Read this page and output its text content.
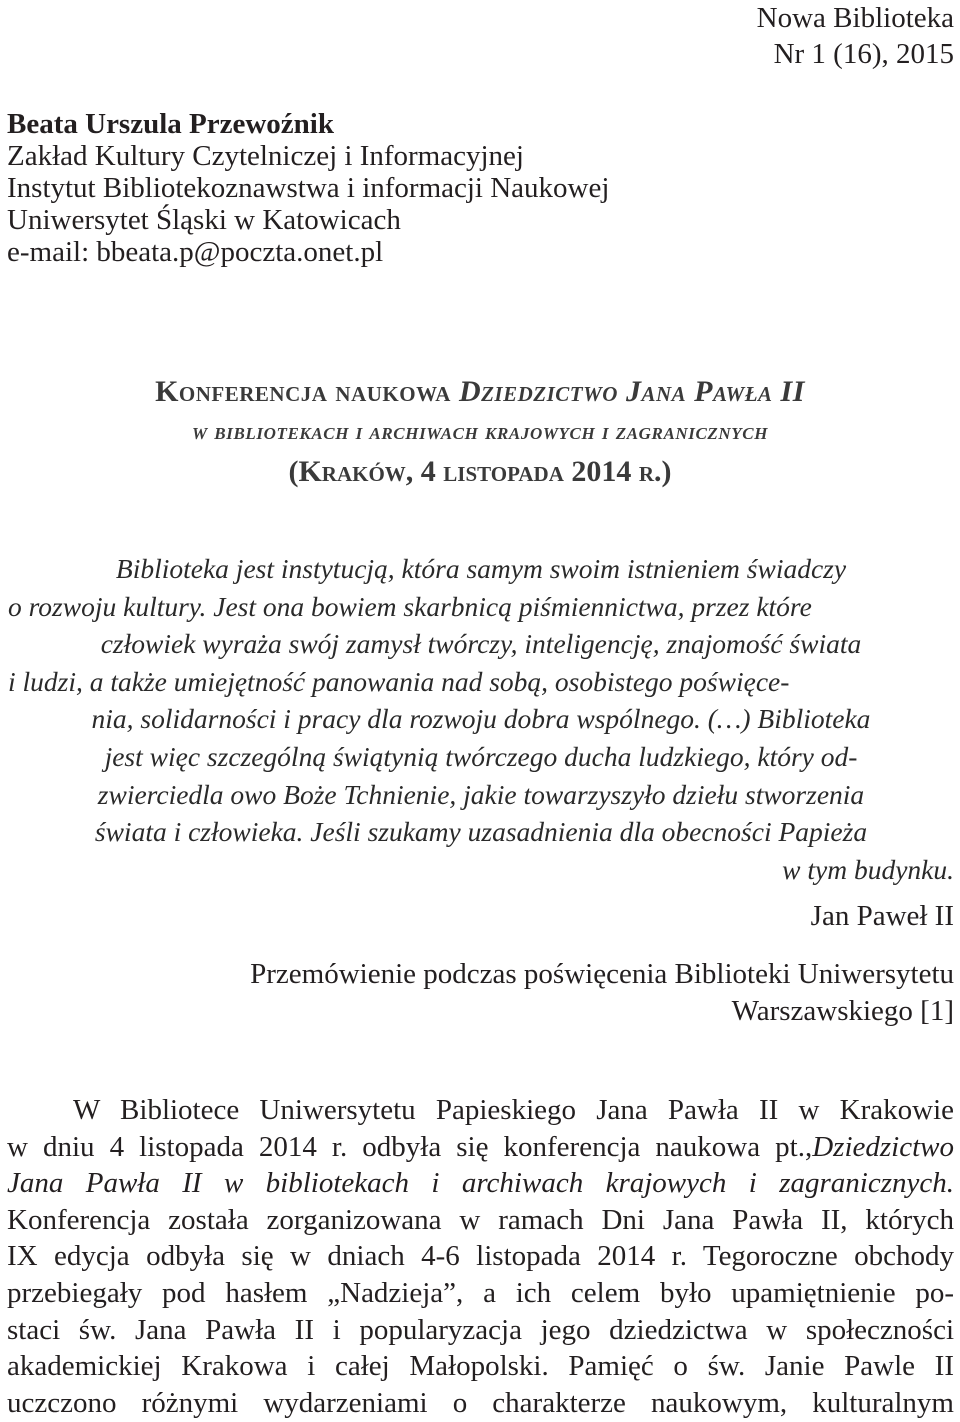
Nowa Biblioteka
Nr 1 (16), 2015
Beata Urszula Przewoźnik
Zakład Kultury Czytelniczej i Informacyjnej
Instytut Bibliotekoznawstwa i informacji Naukowej
Uniwersytet Śląski w Katowicach
e-mail: bbeata.p@poczta.onet.pl
Konferencja naukowa Dziedzictwo Jana Pawła II
w bibliotekach i archiwach krajowych i zagranicznych
(Kraków, 4 listopada 2014 r.)
Biblioteka jest instytucją, która samym swoim istnieniem świadczy
o rozwoju kultury. Jest ona bowiem skarbnicą piśmiennictwa, przez które
człowiek wyraża swój zamysł twórczy, inteligencję, znajomość świata
i ludzi, a także umiejętność panowania nad sobą, osobistego poświęce-
nia, solidarności i pracy dla rozwoju dobra wspólnego. (…) Biblioteka
jest więc szczególną świątynią twórczego ducha ludzkiego, który od-
zwierciedla owo Boże Tchnienie, jakie towarzyszyło dziełu stworzenia
świata i człowieka. Jeśli szukamy uzasadnienia dla obecności Papieża
w tym budynku.
Jan Paweł II
Przemówienie podczas poświęcenia Biblioteki Uniwersytetu
Warszawskiego [1]
W Bibliotece Uniwersytetu Papieskiego Jana Pawła II w Krakowie
w dniu 4 listopada 2014 r. odbyła się konferencja naukowa pt.,Dziedzictwo
Jana Pawła II w bibliotekach i archiwach krajowych i zagranicznych.
Konferencja została zorganizowana w ramach Dni Jana Pawła II, których
IX edycja odbyła się w dniach 4-6 listopada 2014 r. Tegoroczne obchody
przebiegały pod hasłem „Nadzieja”, a ich celem było upamiętnienie po-
staci św. Jana Pawła II i popularyzacja jego dziedzictwa w społeczności
akademickiej Krakowa i całej Małopolski. Pamięć o św. Janie Pawle II
uczczono różnymi wydarzeniami o charakterze naukowym, kulturalnym
